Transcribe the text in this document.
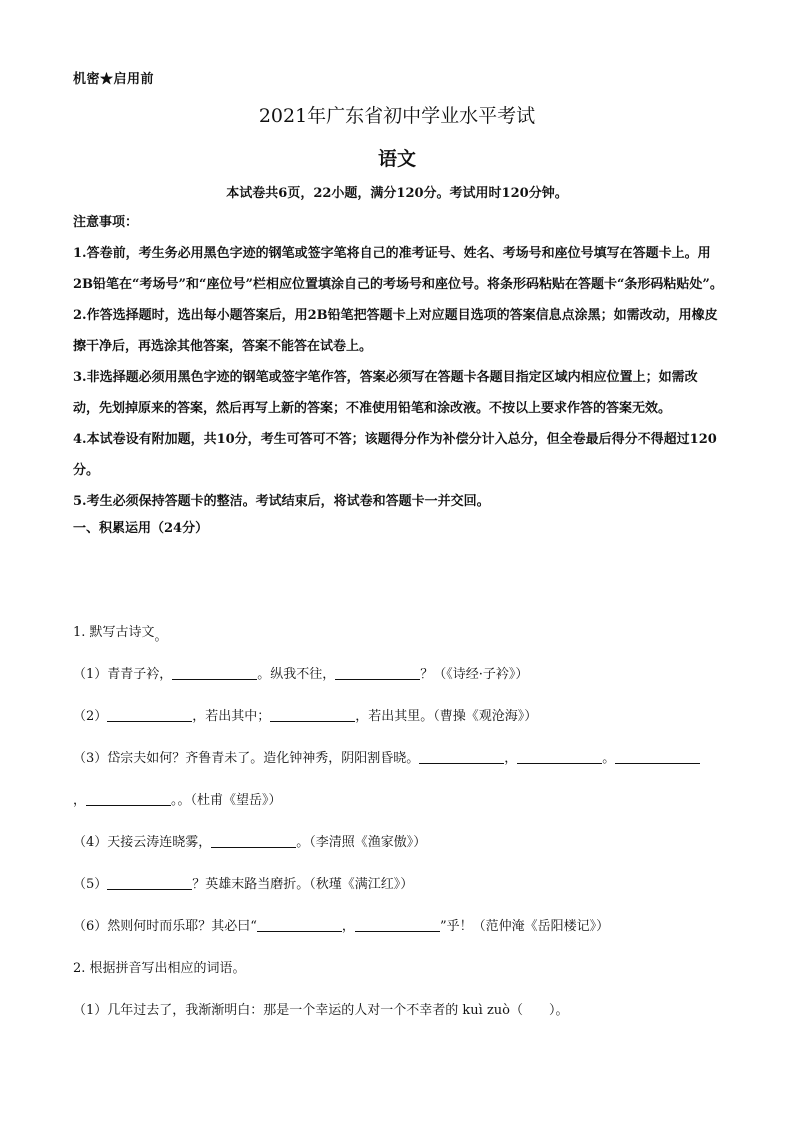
机密★启用前
2021年广东省初中学业水平考试
语文
本试卷共6页，22小题，满分120分。考试用时120分钟。

注意事项：

1.答卷前，考生务必用黑色字迹的钢笔或签字笔将自己的准考证号、姓名、考场号和座位号填写在答题卡上。用2B铅笔在“考场号”和“座位号”栏相应位置填涂自己的考场号和座位号。将条形码粘贴在答题卡“条形码粘贴处”。

2.作答选择题时，选出每小题答案后，用2B铅笔把答题卡上对应题目选项的答案信息点涂黑；如需改动，用橡皮擦干净后，再选涂其他答案，答案不能答在试卷上。

3.非选择题必须用黑色字迹的钢笔或签字笔作答，答案必须写在答题卡各题目指定区域内相应位置上；如需改动，先划掉原来的答案，然后再写上新的答案；不准使用铅笔和涂改液。不按以上要求作答的答案无效。

4.本试卷设有附加题，共10分，考生可答可不答；该题得分作为补偿分计入总分，但全卷最后得分不得超过120分。

5.考生必须保持答题卡的整洁。考试结束后，将试卷和答题卡一并交回。

一、积累运用（24分）

1. 默写古诗文。

（1）青青子衿，	。纵我不往，	？（《诗经·子衿》）

（2）	，若出其中；	，若出其里。（曹操《观沧海》）

（3）岱宗夫如何？齐鲁青未了。造化钟神秀，阴阳割昏晓。	，	。

，	。。（杜甫《望岳》）

（4）天接云涛连晓雾，	。（李清照《渔家傲》）

（5）	？英雄末路当磨折。（秋瑾《满江红》）

（6）然则何时而乐耶？其必曰“	，	”乎！（范仲淹《岳阳楼记》）

2. 根据拼音写出相应的词语。

（1）几年过去了，我渐渐明白：那是一个幸运的人对一个不幸者的 kuì zuò（　　）。
